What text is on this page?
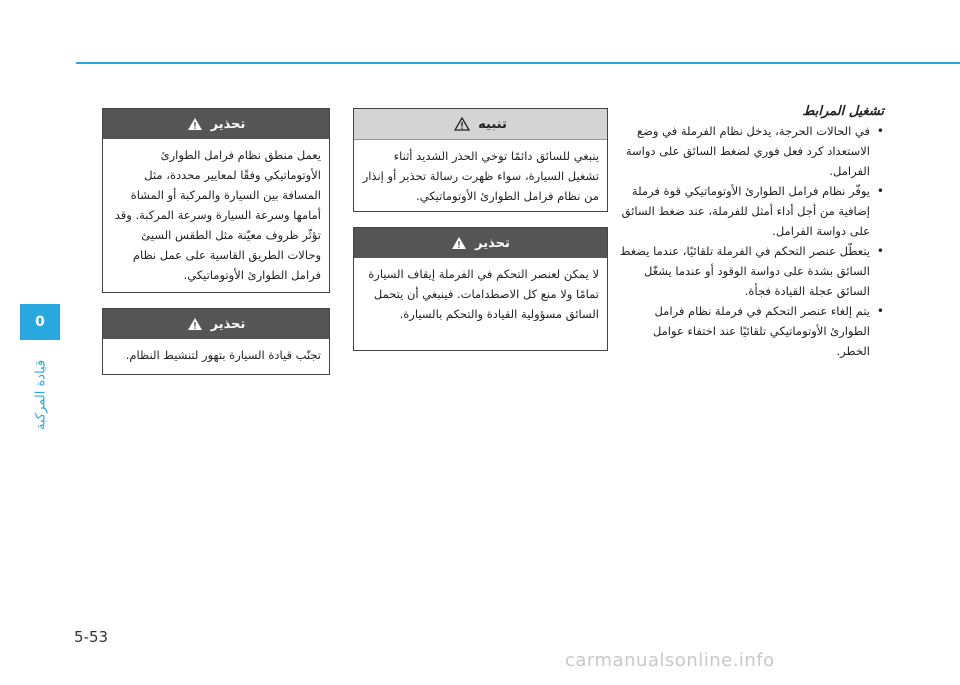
0
قيادة المركبة
تشغيل المرابط
• في الحالات الحرجة، يدخل نظام الفرملة في وضع الاستعداد كرد فعل فوري لضغط السائق على دواسة الفرامل.
• يوفّر نظام فرامل الطوارئ الأوتوماتيكي قوة فرملة إضافية من أجل أداء أمثل للفرملة، عند ضغط السائق على دواسة الفرامل.
• يتعطّل عنصر التحكم في الفرملة تلقائيًا، عندما يضغط السائق بشدة على دواسة الوقود أو عندما يشغّل السائق عجلة القيادة فجأة.
• يتم إلغاء عنصر التحكم في فرملة نظام فرامل الطوارئ الأوتوماتيكي تلقائيًا عند اختفاء عوامل الخطر.
تنبيه
ينبغي للسائق دائمًا توخي الحذر الشديد أثناء تشغيل السيارة، سواء ظهرت رسالة تحذير أو إنذار من نظام فرامل الطوارئ الأوتوماتيكي.
تحذير
لا يمكن لعنصر التحكم في الفرملة إيقاف السيارة تمامًا ولا منع كل الاصطدامات. فينبغي أن يتحمل السائق مسؤولية القيادة والتحكم بالسيارة.
تحذير
يعمل منطق نظام فرامل الطوارئ الأوتوماتيكي وفقًا لمعايير محددة، مثل المسافة بين السيارة والمركبة أو المشاة أمامها وسرعة السيارة وسرعة المركبة. وقد تؤثّر ظروف معيّنة مثل الطقس السيئ وحالات الطريق القاسية على عمل نظام فرامل الطوارئ الأوتوماتيكي.
تحذير
تجنّب قيادة السيارة بتهور لتنشيط النظام.
5-53
carmanualsonline.info
